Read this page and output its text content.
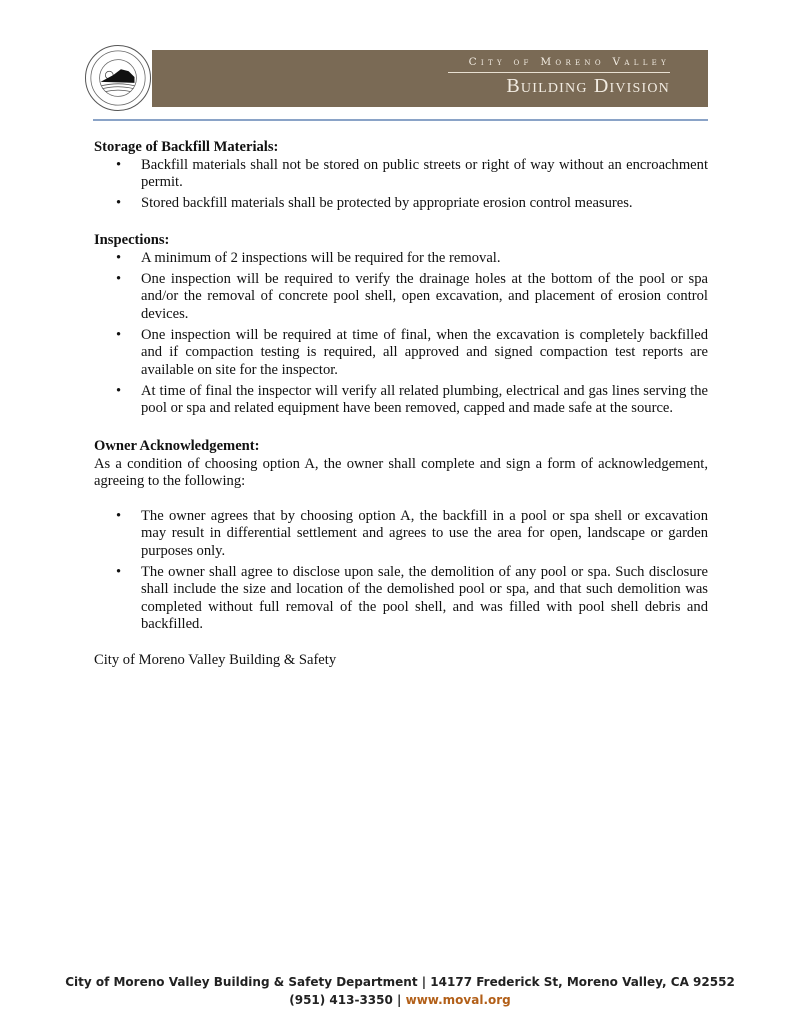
City of Moreno Valley
Building Division
Storage of Backfill Materials:
• Backfill materials shall not be stored on public streets or right of way without an encroachment permit.
• Stored backfill materials shall be protected by appropriate erosion control measures.
Inspections:
• A minimum of 2 inspections will be required for the removal.
• One inspection will be required to verify the drainage holes at the bottom of the pool or spa and/or the removal of concrete pool shell, open excavation, and placement of erosion control devices.
• One inspection will be required at time of final, when the excavation is completely backfilled and if compaction testing is required, all approved and signed compaction test reports are available on site for the inspector.
• At time of final the inspector will verify all related plumbing, electrical and gas lines serving the pool or spa and related equipment have been removed, capped and made safe at the source.
Owner Acknowledgement:

As a condition of choosing option A, the owner shall complete and sign a form of acknowledgement, agreeing to the following:

• The owner agrees that by choosing option A, the backfill in a pool or spa shell or excavation may result in differential settlement and agrees to use the area for open, landscape or garden purposes only.
• The owner shall agree to disclose upon sale, the demolition of any pool or spa. Such disclosure shall include the size and location of the demolished pool or spa, and that such demolition was completed without full removal of the pool shell, and was filled with pool shell debris and backfilled.
City of Moreno Valley Building & Safety
City of Moreno Valley Building & Safety Department | 14177 Frederick St, Moreno Valley, CA 92552
(951) 413-3350 | www.moval.org
